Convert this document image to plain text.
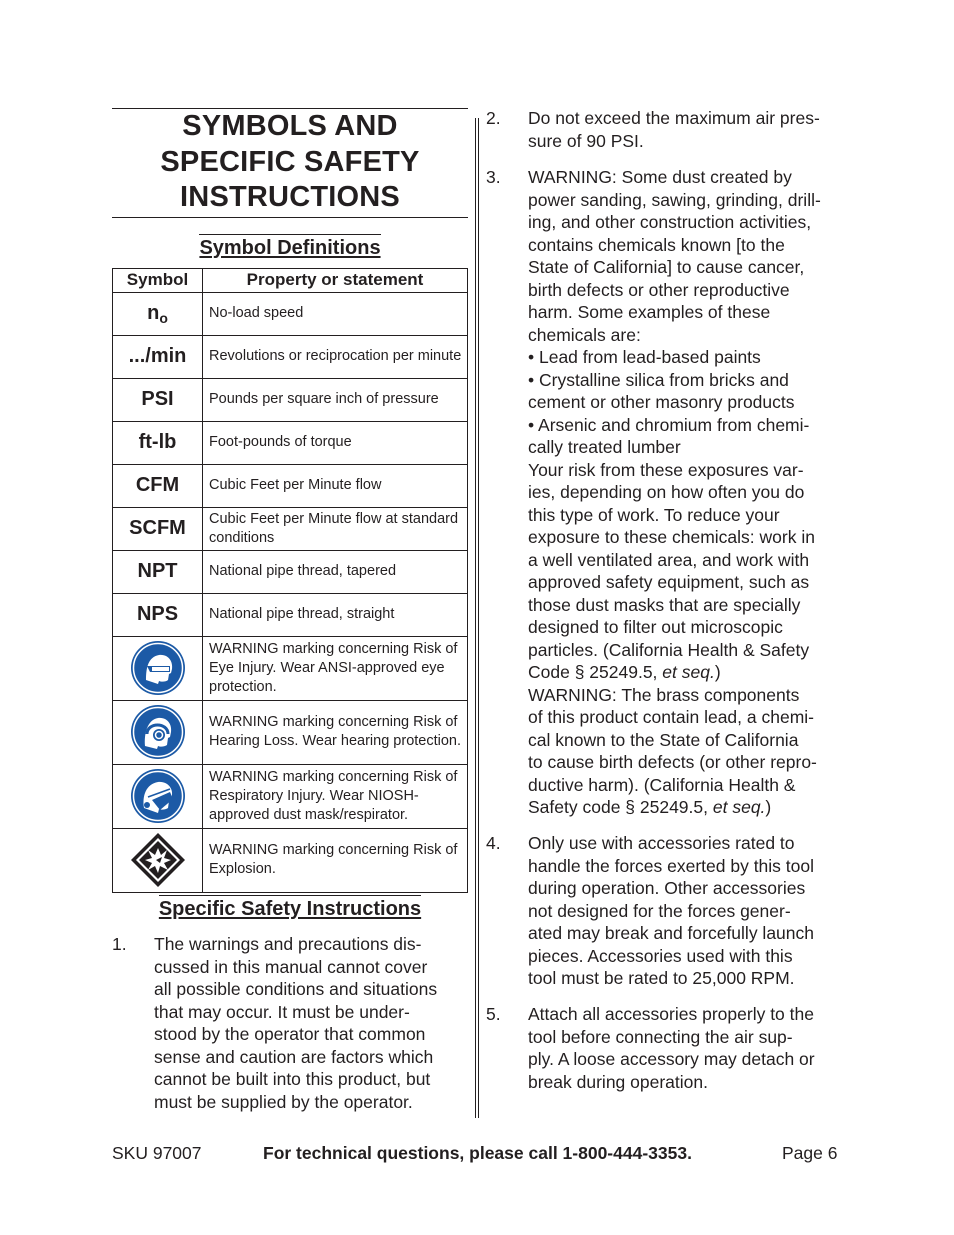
SYMBOLS AND
SPECIFIC SAFETY
INSTRUCTIONS
Symbol Definitions
Symbol	Property or statement
$n_o$	No-load speed
.../min	Revolutions or reciprocation per minute
PSI	Pounds per square inch of pressure
ft-lb	Foot-pounds of torque
CFM	Cubic Feet per Minute flow
SCFM	Cubic Feet per Minute flow at standard conditions
NPT	National pipe thread, tapered
NPS	National pipe thread, straight

	WARNING marking concerning Risk of Eye Injury. Wear ANSI-approved eye protection.

	WARNING marking concerning Risk of Hearing Loss. Wear hearing protection.

	WARNING marking concerning Risk of Respiratory Injury. Wear NIOSH-approved dust mask/respirator.

	WARNING marking concerning Risk of Explosion.
Specific Safety Instructions
1. The warnings and precautions dis-
cussed in this manual cannot cover
all possible conditions and situations
that may occur. It must be under-
stood by the operator that common
sense and caution are factors which
cannot be built into this product, but
must be supplied by the operator.
2. Do not exceed the maximum air pres-
sure of 90 PSI.
3. WARNING: Some dust created by
power sanding, sawing, grinding, drill-
ing, and other construction activities,
contains chemicals known [to the
State of California] to cause cancer,
birth defects or other reproductive
harm. Some examples of these
chemicals are:
• Lead from lead-based paints
• Crystalline silica from bricks and
cement or other masonry products
• Arsenic and chromium from chemi-
cally treated lumber
Your risk from these exposures var-
ies, depending on how often you do
this type of work. To reduce your
exposure to these chemicals: work in
a well ventilated area, and work with
approved safety equipment, such as
those dust masks that are specially
designed to filter out microscopic
particles. (California Health & Safety
Code § 25249.5, et seq.)
WARNING: The brass components
of this product contain lead, a chemi-
cal known to the State of California
to cause birth defects (or other repro-
ductive harm). (California Health &
Safety code § 25249.5, et seq.)
4. Only use with accessories rated to
handle the forces exerted by this tool
during operation. Other accessories
not designed for the forces gener-
ated may break and forcefully launch
pieces. Accessories used with this
tool must be rated to 25,000 RPM.
5. Attach all accessories properly to the
tool before connecting the air sup-
ply. A loose accessory may detach or
break during operation.
SKU 97007	For technical questions, please call 1-800-444-3353.	Page 6
